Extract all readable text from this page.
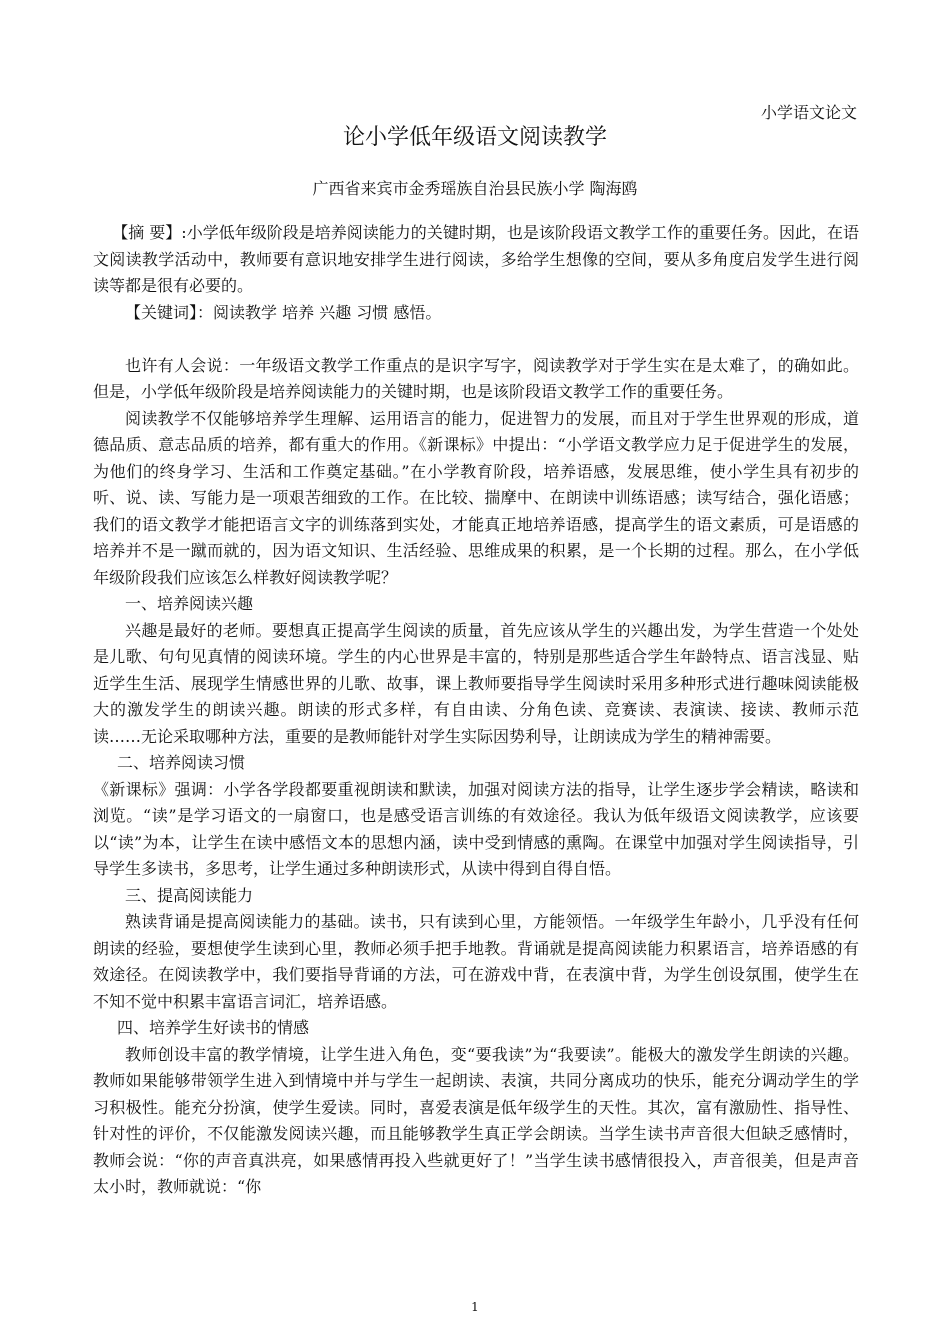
小学语文论文
论小学低年级语文阅读教学
广西省来宾市金秀瑶族自治县民族小学 陶海鸥

【摘 要】:小学低年级阶段是培养阅读能力的关键时期，也是该阶段语文教学工作的重要任务。因此，在语文阅读教学活动中，教师要有意识地安排学生进行阅读，多给学生想像的空间，要从多角度启发学生进行阅读等都是很有必要的。

【关键词】：阅读教学 培养 兴趣 习惯 感悟。

也许有人会说：一年级语文教学工作重点的是识字写字，阅读教学对于学生实在是太难了，的确如此。但是，小学低年级阶段是培养阅读能力的关键时期，也是该阶段语文教学工作的重要任务。

阅读教学不仅能够培养学生理解、运用语言的能力，促进智力的发展，而且对于学生世界观的形成，道德品质、意志品质的培养，都有重大的作用。《新课标》中提出：“小学语文教学应力足于促进学生的发展，为他们的终身学习、生活和工作奠定基础。”在小学教育阶段，培养语感，发展思维，使小学生具有初步的听、说、读、写能力是一项艰苦细致的工作。在比较、揣摩中、在朗读中训练语感；读写结合，强化语感；我们的语文教学才能把语言文字的训练落到实处，才能真正地培养语感，提高学生的语文素质，可是语感的培养并不是一蹴而就的，因为语文知识、生活经验、思维成果的积累，是一个长期的过程。那么，在小学低年级阶段我们应该怎么样教好阅读教学呢？

一、培养阅读兴趣

兴趣是最好的老师。要想真正提高学生阅读的质量，首先应该从学生的兴趣出发，为学生营造一个处处是儿歌、句句见真情的阅读环境。学生的内心世界是丰富的，特别是那些适合学生年龄特点、语言浅显、贴近学生生活、展现学生情感世界的儿歌、故事，课上教师要指导学生阅读时采用多种形式进行趣味阅读能极大的激发学生的朗读兴趣。朗读的形式多样，有自由读、分角色读、竞赛读、表演读、接读、教师示范读……无论采取哪种方法，重要的是教师能针对学生实际因势利导，让朗读成为学生的精神需要。

二、培养阅读习惯

《新课标》强调：小学各学段都要重视朗读和默读，加强对阅读方法的指导，让学生逐步学会精读，略读和浏览。“读”是学习语文的一扇窗口，也是感受语言训练的有效途径。我认为低年级语文阅读教学，应该要以“读”为本，让学生在读中感悟文本的思想内涵，读中受到情感的熏陶。在课堂中加强对学生阅读指导，引导学生多读书，多思考，让学生通过多种朗读形式，从读中得到自得自悟。

三、提高阅读能力

熟读背诵是提高阅读能力的基础。读书，只有读到心里，方能领悟。一年级学生年龄小，几乎没有任何朗读的经验，要想使学生读到心里，教师必须手把手地教。背诵就是提高阅读能力积累语言，培养语感的有效途径。在阅读教学中，我们要指导背诵的方法，可在游戏中背，在表演中背，为学生创设氛围，使学生在不知不觉中积累丰富语言词汇，培养语感。

四、培养学生好读书的情感

教师创设丰富的教学情境，让学生进入角色，变“要我读”为“我要读”。能极大的激发学生朗读的兴趣。教师如果能够带领学生进入到情境中并与学生一起朗读、表演，共同分离成功的快乐，能充分调动学生的学习积极性。能充分扮演，使学生爱读。同时，喜爱表演是低年级学生的天性。其次，富有激励性、指导性、针对性的评价，不仅能激发阅读兴趣，而且能够教学生真正学会朗读。当学生读书声音很大但缺乏感情时，教师会说：“你的声音真洪亮，如果感情再投入些就更好了！”当学生读书感情很投入，声音很美，但是声音太小时，教师就说：“你

1
